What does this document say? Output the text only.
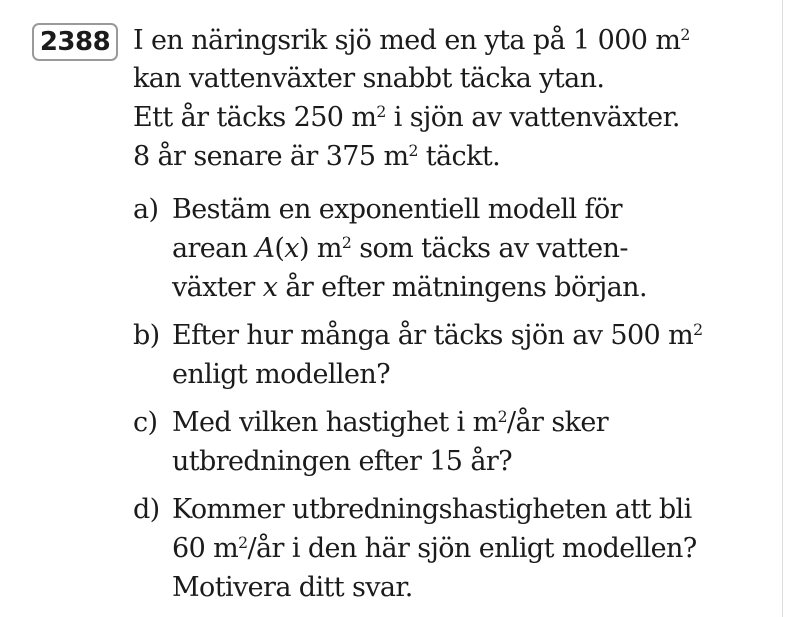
2388 I en näringsrik sjö med en yta på 1 000 $m^2$
kan vattenväxter snabbt täcka ytan.
Ett år täcks 250 $m^2$ i sjön av vattenväxter.
8 år senare är 375 $m^2$ täckt.
a) Bestäm en exponentiell modell för
arean A(x) $m^2$ som täcks av vatten-
växter x år efter mätningens början.
b) Efter hur många år täcks sjön av 500 $m^2$
enligt modellen?
c) Med vilken hastighet i $m^2/år$ sker
utbredningen efter 15 år?
d) Kommer utbredningshastigheten att bli
60 $m^2/år$ i den här sjön enligt modellen?
Motivera ditt svar.
